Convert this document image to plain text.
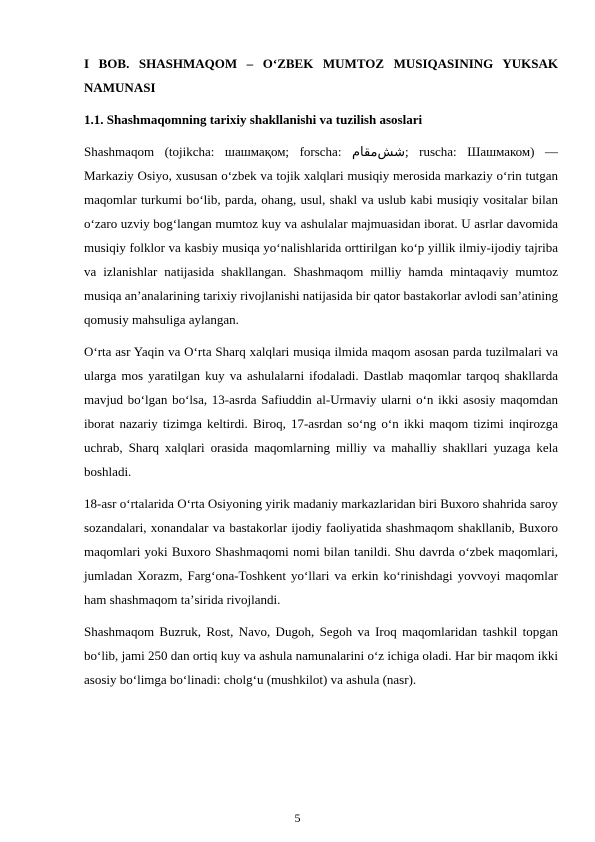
I BOB. SHASHMAQOM – O‘ZBEK MUMTOZ MUSIQASINING YUKSAK NAMUNASI
1.1. Shashmaqomning tarixiy shakllanishi va tuzilish asoslari

Shashmaqom (tojikcha: шашмақом; forscha: شش‌مقام; ruscha: Шашмаком) — Markaziy Osiyo, xususan oʻzbek va tojik xalqlari musiqiy merosida markaziy oʻrin tutgan maqomlar turkumi bo‘lib, parda, ohang, usul, shakl va uslub kabi musiqiy vositalar bilan oʻzaro uzviy bogʻlangan mumtoz kuy va ashulalar majmuasidan iborat. U asrlar davomida musiqiy folklor va kasbiy musiqa yo‘nalishlarida orttirilgan koʻp yillik ilmiy-ijodiy tajriba va izlanishlar natijasida shakllangan. Shashmaqom milliy hamda mintaqaviy mumtoz musiqa anʼanalarining tarixiy rivojlanishi natijasida bir qator bastakorlar avlodi sanʼatining qomusiy mahsuliga aylangan.

Oʻrta asr Yaqin va Oʻrta Sharq xalqlari musiqa ilmida maqom asosan parda tuzilmalari va ularga mos yaratilgan kuy va ashulalarni ifodaladi. Dastlab maqomlar tarqoq shakllarda mavjud boʻlgan boʻlsa, 13-asrda Safiuddin al-Urmaviy ularni o‘n ikki asosiy maqomdan iborat nazariy tizimga keltirdi. Biroq, 17-asrdan so‘ng o‘n ikki maqom tizimi inqirozga uchrab, Sharq xalqlari orasida maqomlarning milliy va mahalliy shakllari yuzaga kela boshladi.

18-asr oʻrtalarida Oʻrta Osiyoning yirik madaniy markazlaridan biri Buxoro shahrida saroy sozandalari, xonandalar va bastakorlar ijodiy faoliyatida shashmaqom shakllanib, Buxoro maqomlari yoki Buxoro Shashmaqomi nomi bilan tanildi. Shu davrda o‘zbek maqomlari, jumladan Xorazm, Farg‘ona-Toshkent yo‘llari va erkin koʻrinishdagi yovvoyi maqomlar ham shashmaqom taʼsirida rivojlandi.

Shashmaqom Buzruk, Rost, Navo, Dugoh, Segoh va Iroq maqomlaridan tashkil topgan bo‘lib, jami 250 dan ortiq kuy va ashula namunalarini o‘z ichiga oladi. Har bir maqom ikki asosiy bo‘limga bo‘linadi: cholg‘u (mushkilot) va ashula (nasr).

5
